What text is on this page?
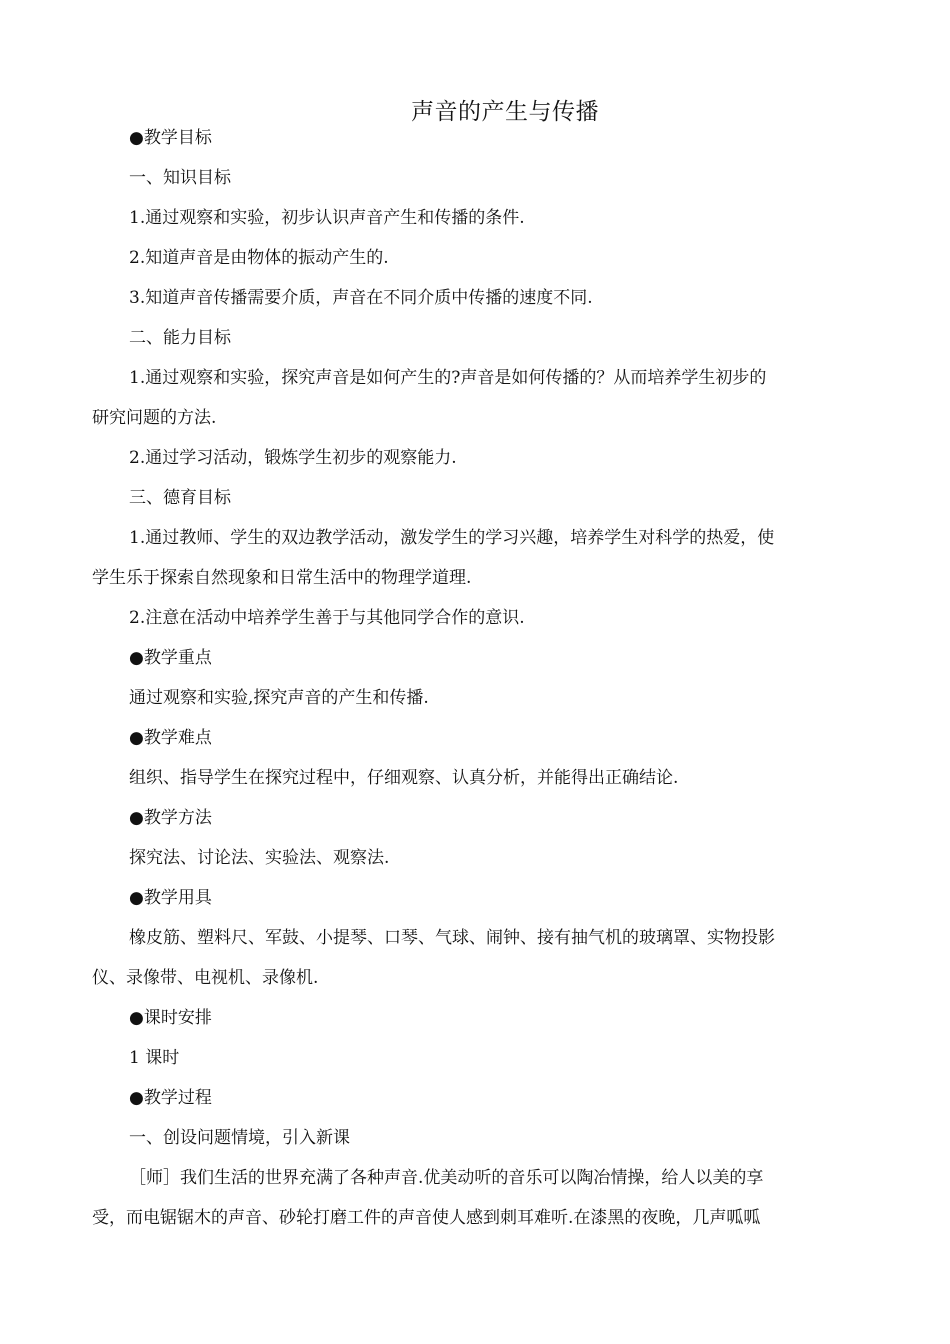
声音的产生与传播

●教学目标

一、知识目标

1.通过观察和实验，初步认识声音产生和传播的条件.

2.知道声音是由物体的振动产生的.

3.知道声音传播需要介质，声音在不同介质中传播的速度不同.

二、能力目标

1.通过观察和实验，探究声音是如何产生的?声音是如何传播的？从而培养学生初步的

研究问题的方法.

2.通过学习活动，锻炼学生初步的观察能力.

三、德育目标

1.通过教师、学生的双边教学活动，激发学生的学习兴趣，培养学生对科学的热爱，使

学生乐于探索自然现象和日常生活中的物理学道理.

2.注意在活动中培养学生善于与其他同学合作的意识.

●教学重点

通过观察和实验,探究声音的产生和传播.

●教学难点

组织、指导学生在探究过程中，仔细观察、认真分析，并能得出正确结论.

●教学方法

探究法、讨论法、实验法、观察法.

●教学用具

橡皮筋、塑料尺、军鼓、小提琴、口琴、气球、闹钟、接有抽气机的玻璃罩、实物投影

仪、录像带、电视机、录像机.

●课时安排

1 课时

●教学过程

一、创设问题情境，引入新课

［师］我们生活的世界充满了各种声音.优美动听的音乐可以陶冶情操，给人以美的享

受，而电锯锯木的声音、砂轮打磨工件的声音使人感到刺耳难听.在漆黑的夜晚，几声呱呱
